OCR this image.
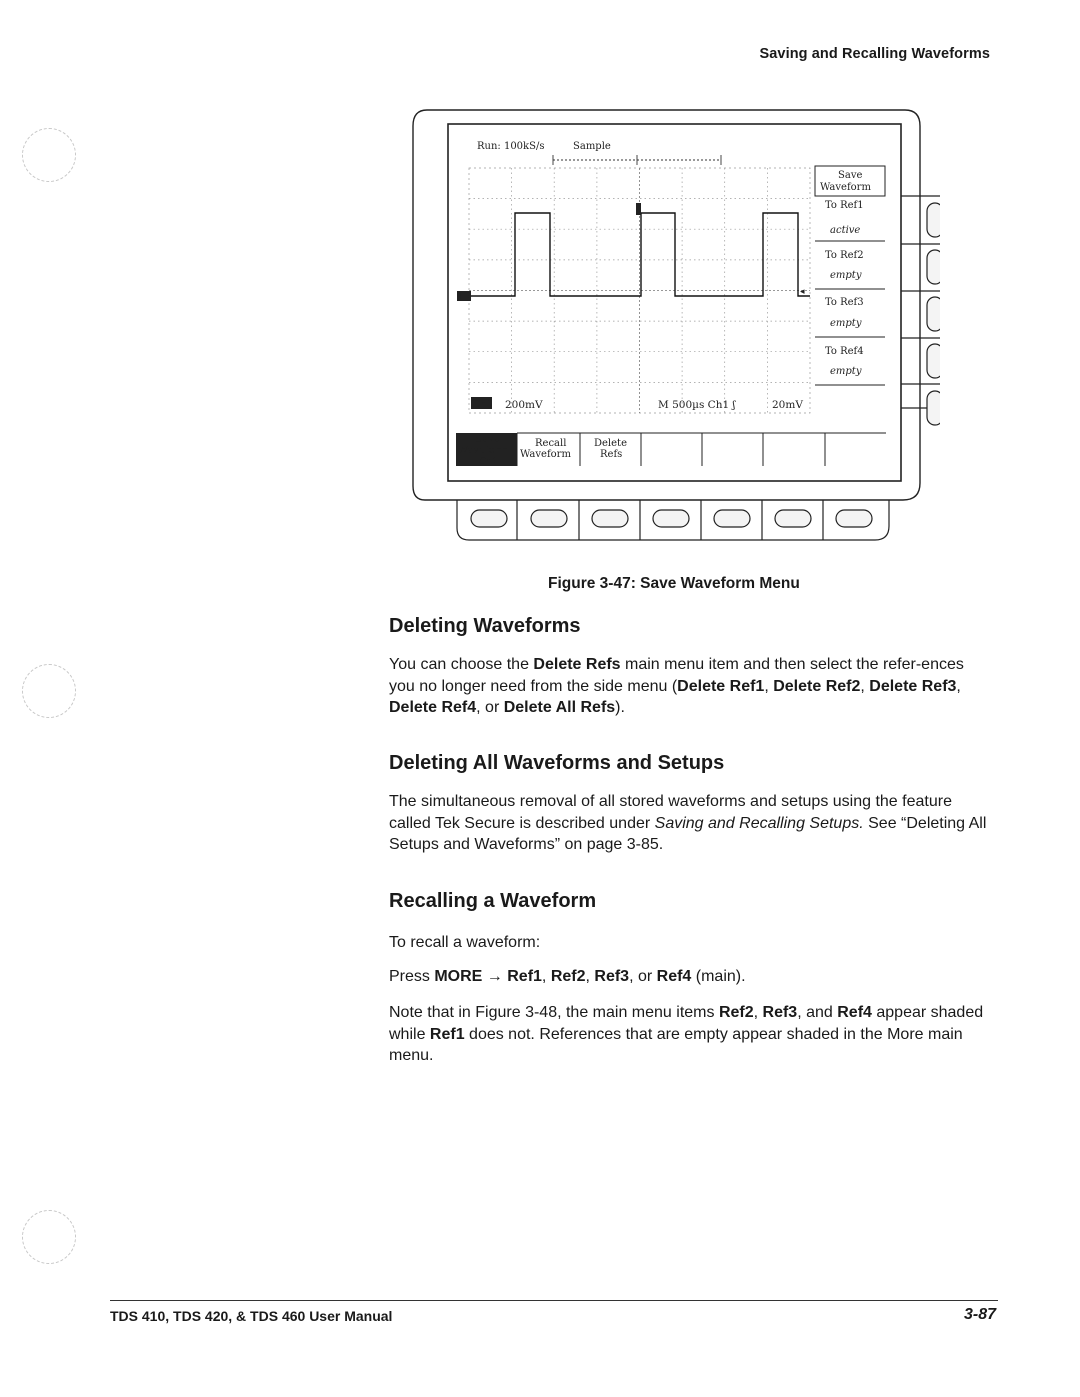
Saving and Recalling Waveforms
◂
1→
Run: 100kS/s	Sample
Ch1 200mV	M 500µs Ch1 ʃ	20mV
Save
Waveform
To Ref1
active
To Ref2
empty
To Ref3
empty
To Ref4
empty
Save
Waveform
Ch1
Recall
Waveform
Delete
Refs
Figure 3-47: Save Waveform Menu
Deleting Waveforms

You can choose the Delete Refs main menu item and then select the refer-ences you no longer need from the side menu (Delete Ref1, Delete Ref2, Delete Ref3, Delete Ref4, or Delete All Refs).

Deleting All Waveforms and Setups

The simultaneous removal of all stored waveforms and setups using the feature called Tek Secure is described under Saving and Recalling Setups. See “Deleting All Setups and Waveforms” on page 3-85.

Recalling a Waveform

To recall a waveform:

Press MORE → Ref1, Ref2, Ref3, or Ref4 (main).

Note that in Figure 3-48, the main menu items Ref2, Ref3, and Ref4 appear shaded while Ref1 does not. References that are empty appear shaded in the More main menu.

TDS 410, TDS 420, & TDS 460 User Manual	3-87
